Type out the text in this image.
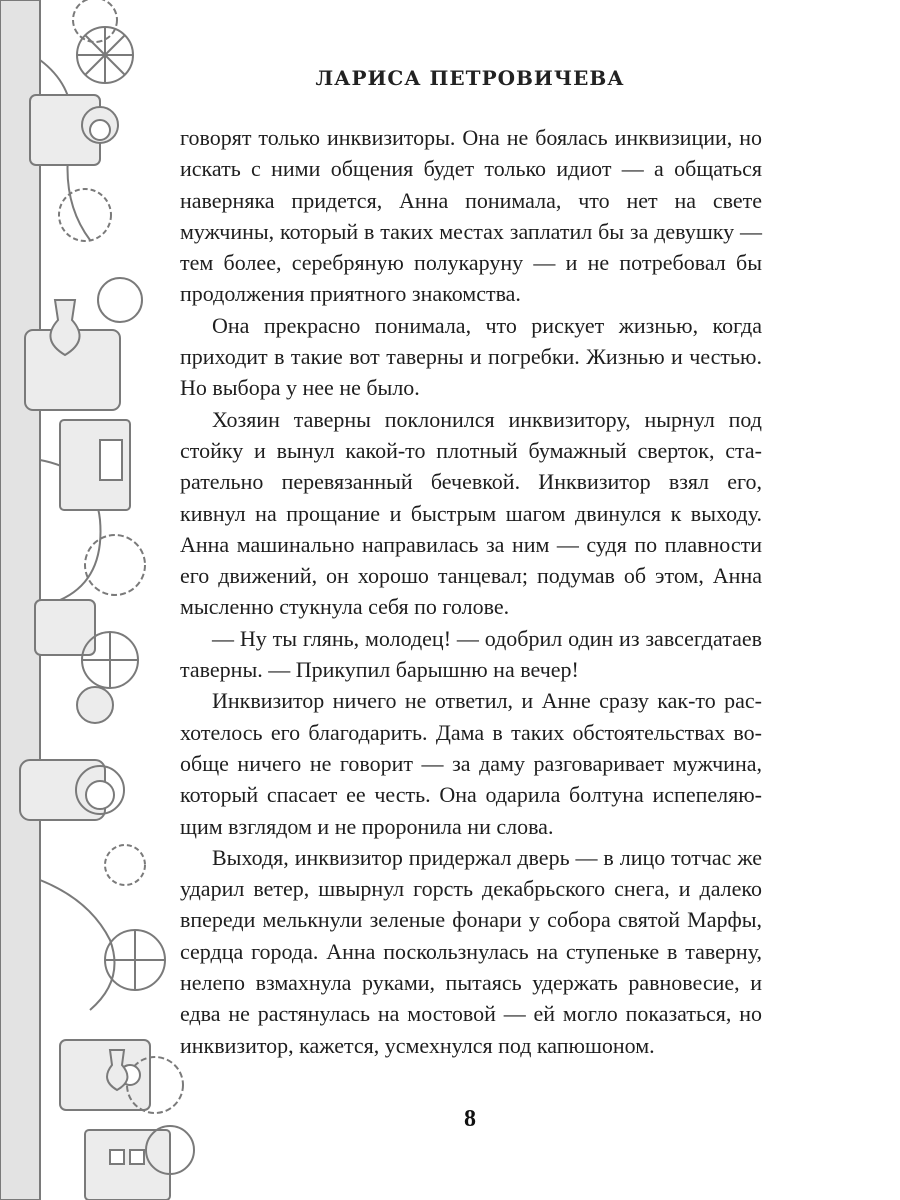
ЛАРИСА ПЕТРОВИЧЕВА

говорят только инквизиторы. Она не боялась инквизиции, но искать с ними общения будет только идиот — а общаться наверняка придется, Анна понимала, что нет на свете мужчины, который в таких местах заплатил бы за девушку — тем более, серебряную полукаруну — и не потребовал бы продолжения приятного знакомства.

Она прекрасно понимала, что рискует жизнью, когда приходит в такие вот таверны и погребки. Жизнью и честью. Но выбора у нее не было.

Хозяин таверны поклонился инквизитору, нырнул под стойку и вынул какой-то плотный бумажный сверток, старательно перевязанный бечевкой. Инквизитор взял его, кивнул на прощание и быстрым шагом двинулся к выходу. Анна машинально направилась за ним — судя по плавности его движений, он хорошо танцевал; подумав об этом, Анна мысленно стукнула себя по голове.

— Ну ты глянь, молодец! — одобрил один из завсегдатаев таверны. — Прикупил барышню на вечер!

Инквизитор ничего не ответил, и Анне сразу как-то расхотелось его благодарить. Дама в таких обстоятельствах вообще ничего не говорит — за даму разговаривает мужчина, который спасает ее честь. Она одарила болтуна испепеляющим взглядом и не проронила ни слова.

Выходя, инквизитор придержал дверь — в лицо тотчас же ударил ветер, швырнул горсть декабрьского снега, и далеко впереди мелькнули зеленые фонари у собора святой Марфы, сердца города. Анна поскользнулась на ступеньке в таверну, нелепо взмахнула руками, пытаясь удержать равновесие, и едва не растянулась на мостовой — ей могло показаться, но инквизитор, кажется, усмехнулся под капюшоном.

8
